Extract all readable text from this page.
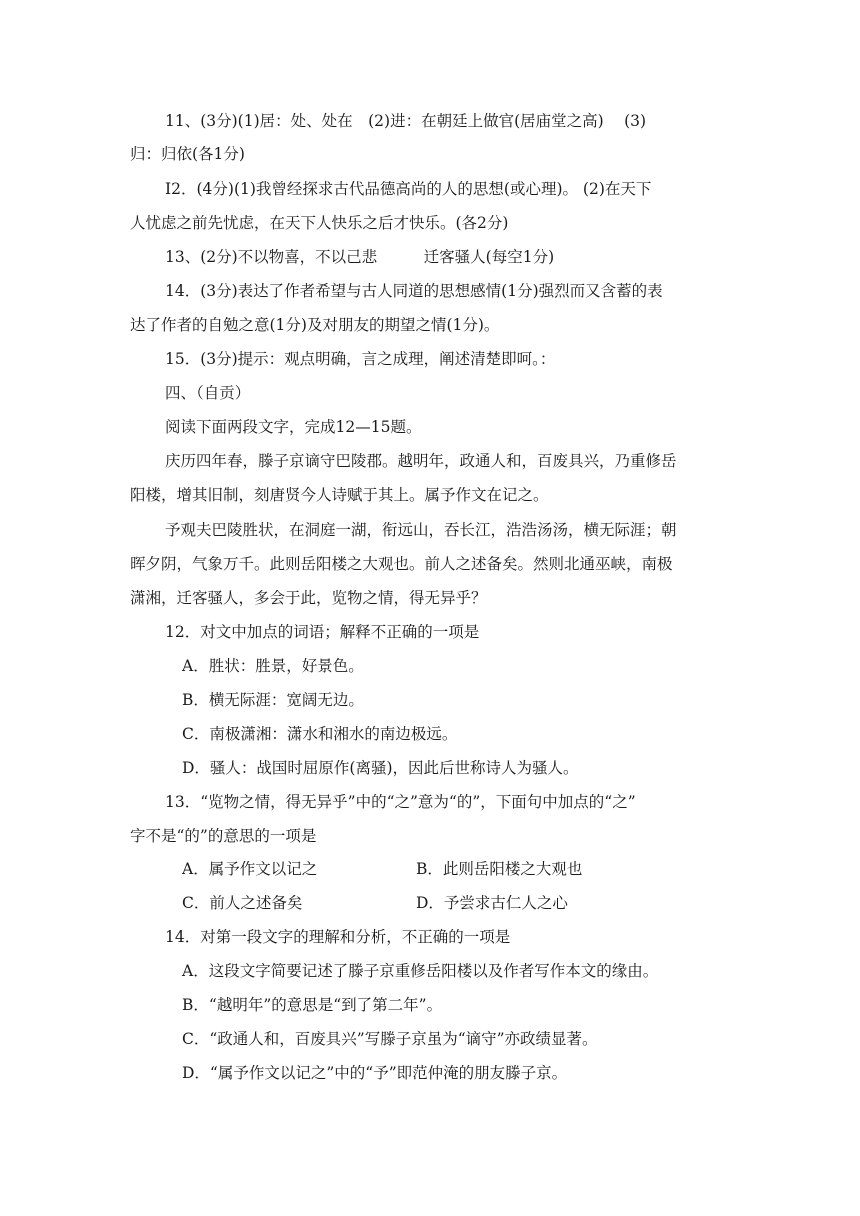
11、(3分)(1)居：处、处在　(2)进：在朝廷上做官(居庙堂之高)　 (3)
归：归依(各1分)
I2．(4分)(1)我曾经探求古代品德高尚的人的思想(或心理)。 (2)在天下
人忧虑之前先忧虑，在天下人快乐之后才快乐。(各2分)
13、(2分)不以物喜，不以己悲　　　迁客骚人(每空1分)
14．(3分)表达了作者希望与古人同道的思想感情(1分)强烈而又含蓄的表
达了作者的自勉之意(1分)及对朋友的期望之情(1分)。
15．(3分)提示：观点明确，言之成理，阐述清楚即呵。：
四、（自贡）
阅读下面两段文字，完成12—15题。
庆历四年春，滕子京谪守巴陵郡。越明年，政通人和，百废具兴，乃重修岳
阳楼，增其旧制，刻唐贤今人诗赋于其上。属予作文在记之。
予观夫巴陵胜状，在洞庭一湖，衔远山，吞长江，浩浩汤汤，横无际涯；朝
晖夕阴，气象万千。此则岳阳楼之大观也。前人之述备矣。然则北通巫峡，南极
潇湘，迁客骚人，多会于此，览物之情，得无异乎？
12．对文中加点的词语；解释不正确的一项是
A．胜状：胜景，好景色。
B．横无际涯：宽阔无边。
C．南极潇湘：潇水和湘水的南边极远。
D．骚人：战国时屈原作(离骚)，因此后世称诗人为骚人。
13．“览物之情，得无异乎”中的“之”意为“的”，下面句中加点的“之”
字不是“的”的意思的一项是
A．属予作文以记之	B．此则岳阳楼之大观也
C．前人之述备矣	D．予尝求古仁人之心
14．对第一段文字的理解和分析，不正确的一项是
A．这段文字简要记述了滕子京重修岳阳楼以及作者写作本文的缘由。
B．“越明年”的意思是“到了第二年”。
C．“政通人和，百废具兴”写滕子京虽为“谪守”亦政绩显著。
D．“属予作文以记之”中的“予”即范仲淹的朋友滕子京。
